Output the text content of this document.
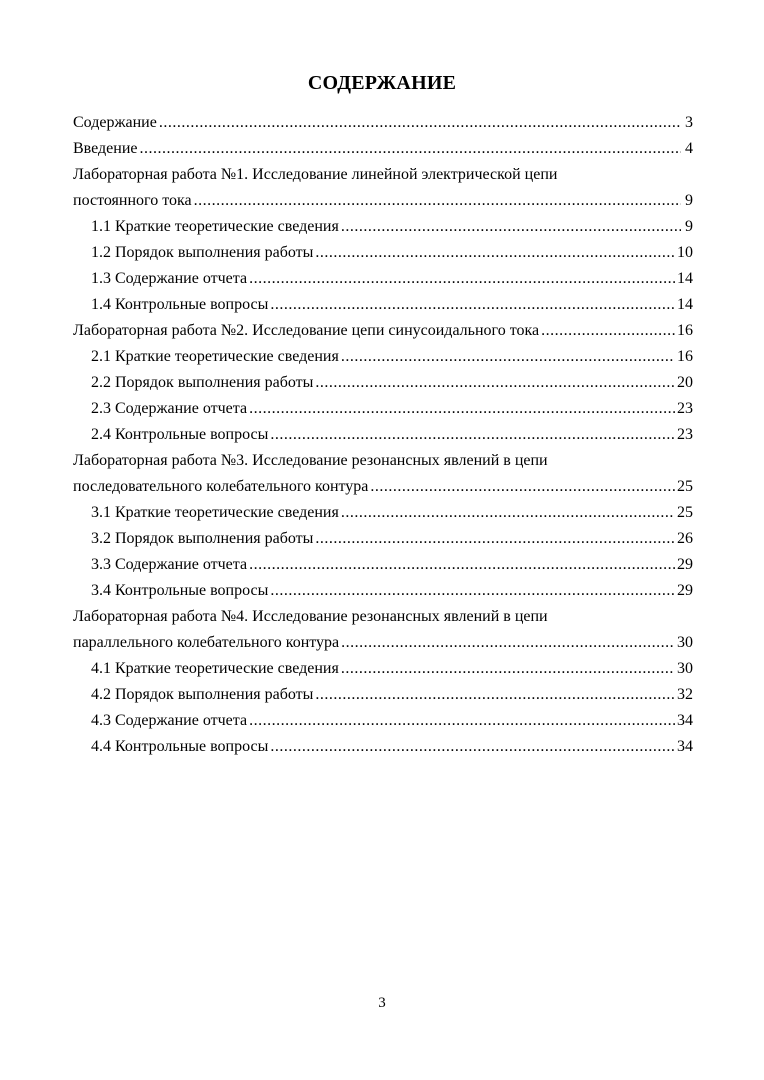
СОДЕРЖАНИЕ
Содержание .....	3
Введение .....	4
Лабораторная работа №1. Исследование линейной электрической цепи
постоянного тока .....	9
1.1 Краткие теоретические сведения .....	9
1.2 Порядок выполнения работы .....	10
1.3 Содержание отчета .....	14
1.4 Контрольные вопросы .....	14
Лабораторная работа №2. Исследование цепи синусоидального тока .....	16
2.1 Краткие теоретические сведения .....	16
2.2 Порядок выполнения работы .....	20
2.3 Содержание отчета .....	23
2.4 Контрольные вопросы .....	23
Лабораторная работа №3. Исследование резонансных явлений в цепи
последовательного колебательного контура .....	25
3.1 Краткие теоретические сведения .....	25
3.2 Порядок выполнения работы .....	26
3.3 Содержание отчета .....	29
3.4 Контрольные вопросы .....	29
Лабораторная работа №4. Исследование резонансных явлений в цепи
параллельного колебательного контура .....	30
4.1 Краткие теоретические сведения .....	30
4.2 Порядок выполнения работы .....	32
4.3 Содержание отчета .....	34
4.4 Контрольные вопросы .....	34
3
